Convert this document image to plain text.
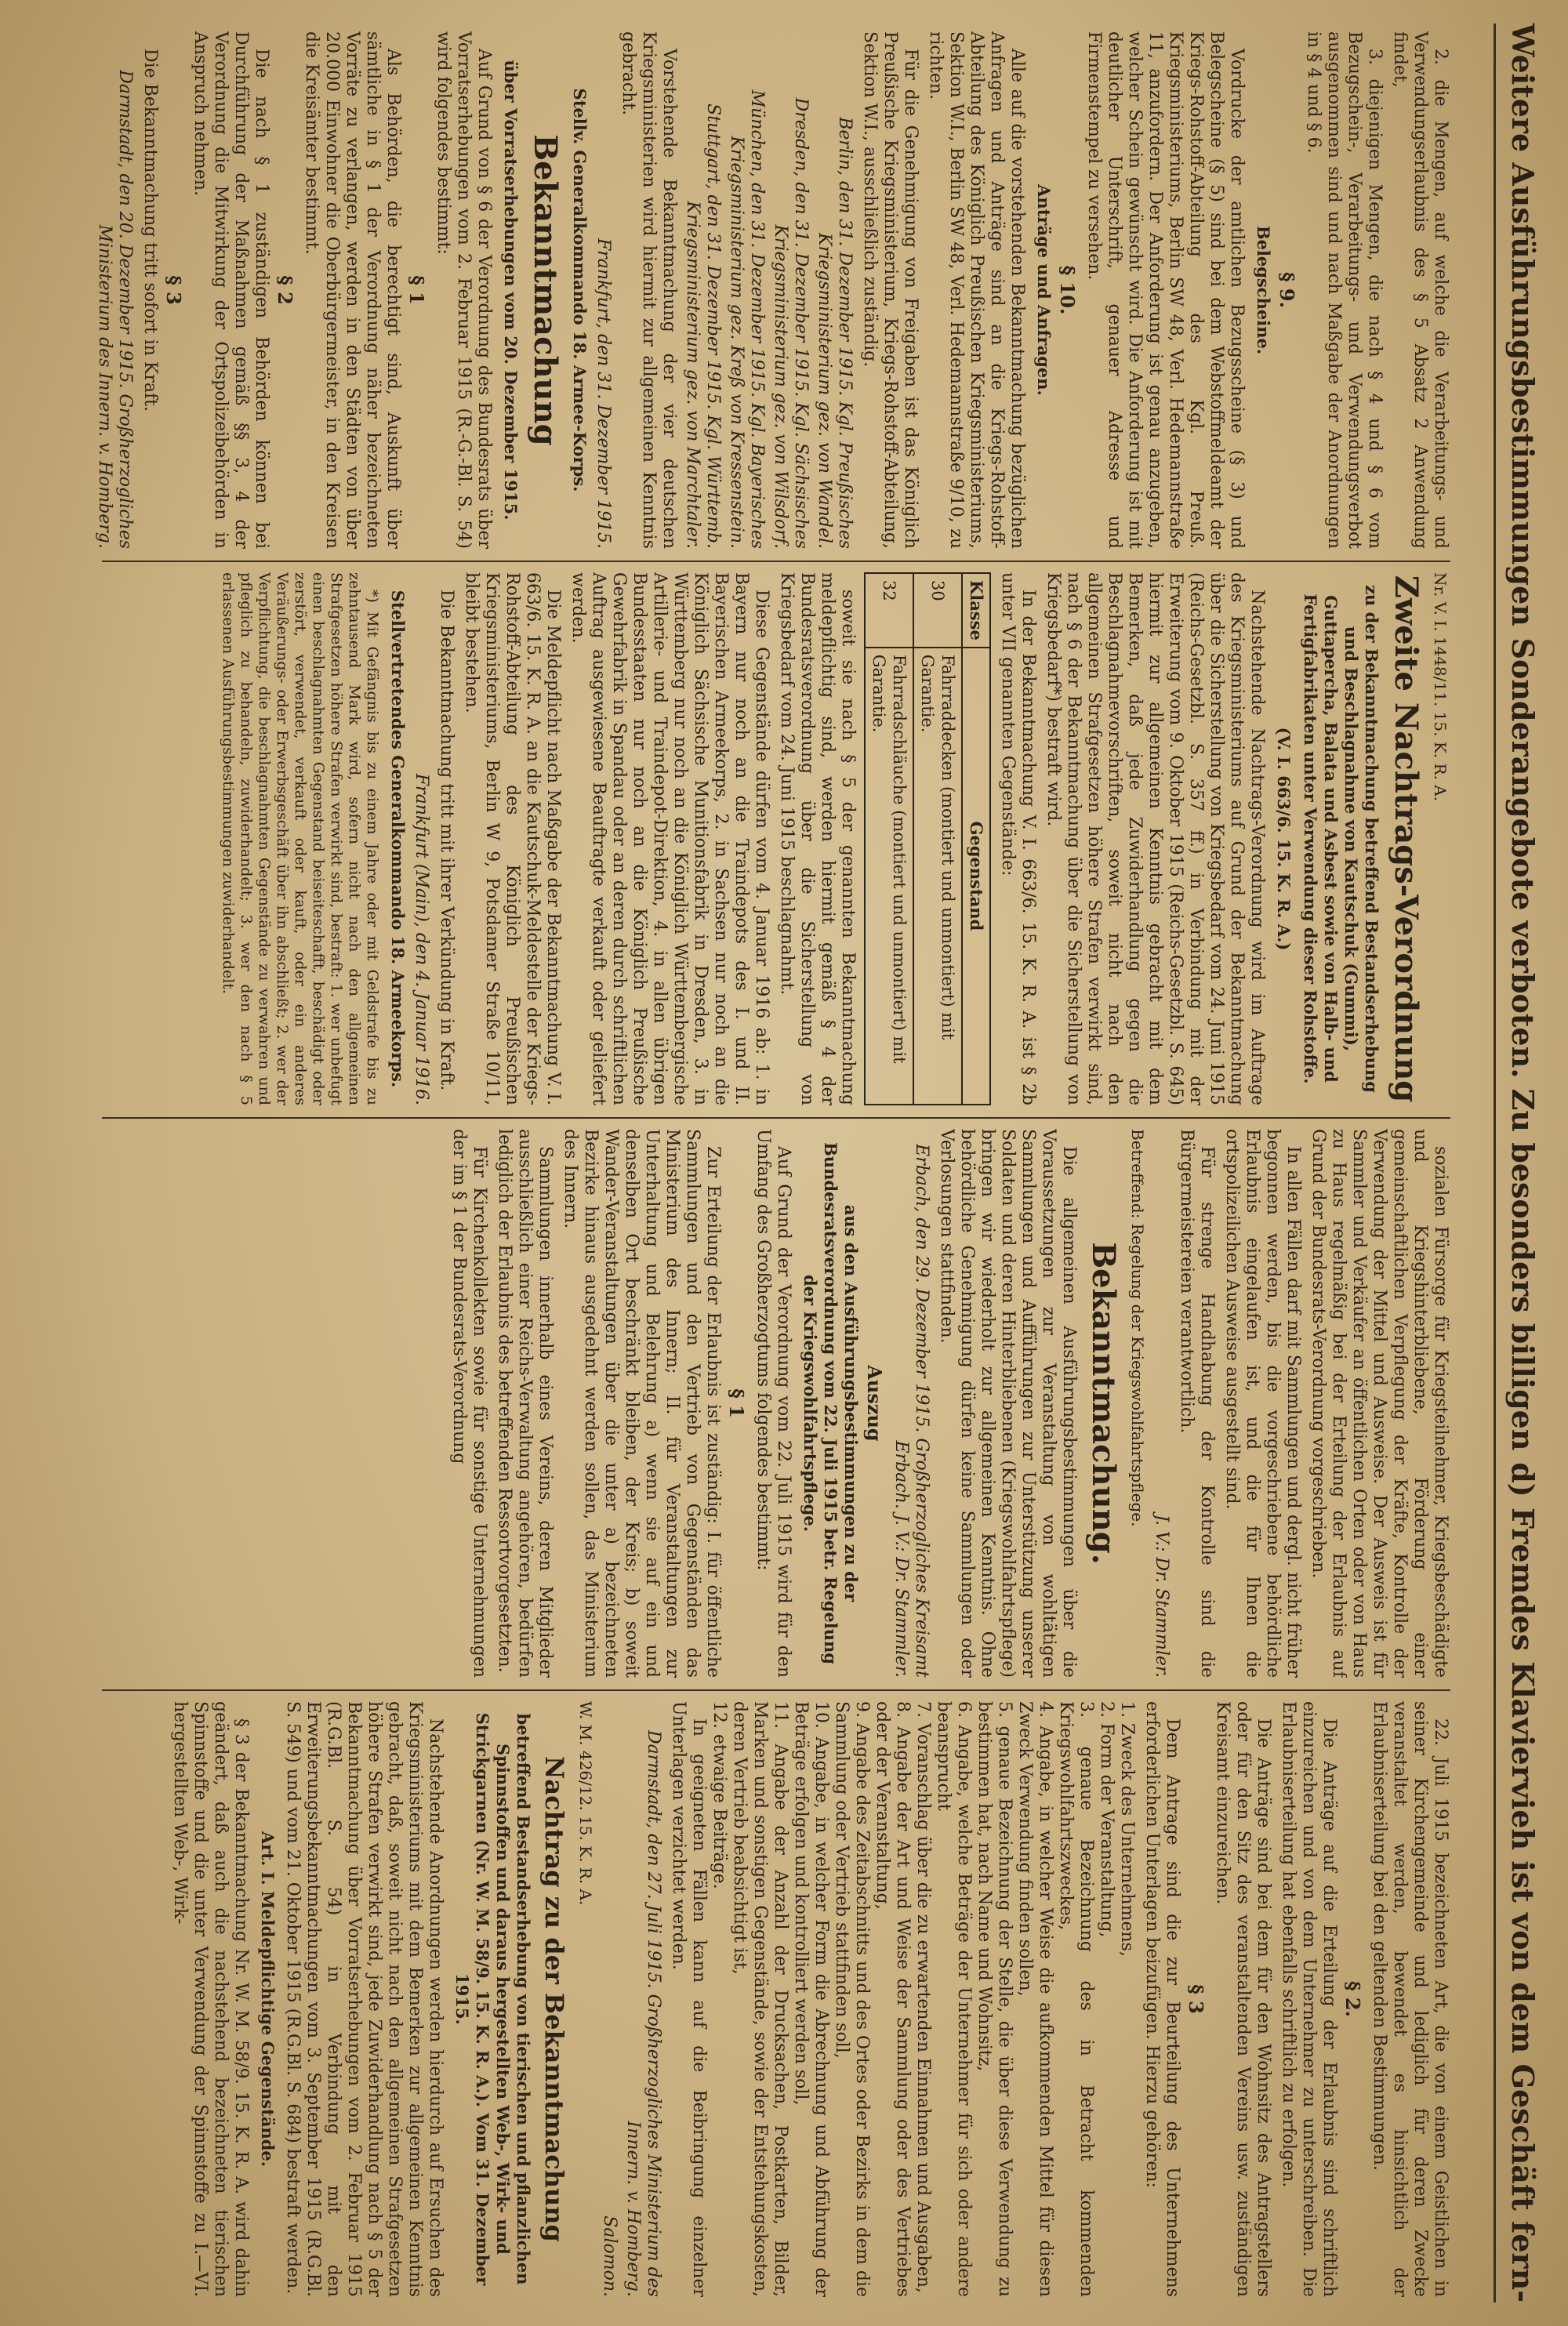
Weitere Ausführungsbestimmungen
Sonderangebote verboten. Zu besonders billigen
d) Fremdes Klaviervieh ist von dem Geschäft fern-

2. die Mengen, auf welche die Verarbeitungs- und Verwendungserlaubnis des § 5 Absatz 2 Anwendung findet,

3. diejenigen Mengen, die nach § 4 und § 6 vom Bezugschein-, Verarbeitungs- und Verwendungsverbot ausgenommen sind und nach Maßgabe der Anordnungen in § 4 und § 6.

§ 9.
Belegscheine.

Vordrucke der amtlichen Bezugsscheine (§ 3) und Belegscheine (§ 5) sind bei dem Webstoffmeldeamt der Kriegs-Rohstoff-Abteilung des Kgl. Preuß. Kriegsministeriums, Berlin SW 48, Verl. Hedemannstraße 11, anzufordern. Der Anforderung ist genau anzugeben, welcher Schein gewünscht wird. Die Anforderung ist mit deutlicher Unterschrift, genauer Adresse und Firmenstempel zu versehen.

§ 10.
Anträge und Anfragen.

Alle auf die vorstehenden Bekanntmachung bezüglichen Anfragen und Anträge sind an die Kriegs-Rohstoff-Abteilung des Königlich Preußischen Kriegsministeriums, Sektion W.I., Berlin SW 48, Verl. Hedemannstraße 9/10, zu richten.

Für die Genehmigung von Freigaben ist das Königlich Preußische Kriegsministerium, Kriegs-Rohstoff-Abteilung, Sektion W.I., ausschließlich zuständig.

Berlin, den 31. Dezember 1915. Kgl. Preußisches Kriegsministerium gez. von Wandel.
Dresden, den 31. Dezember 1915. Kgl. Sächsisches Kriegsministerium gez. von Wilsdorf.
München, den 31. Dezember 1915. Kgl. Bayerisches Kriegsministerium gez. Kreß von Kressenstein.
Stuttgart, den 31. Dezember 1915. Kgl. Württemb. Kriegsministerium gez. von Marchtaler.

Vorstehende Bekanntmachung der vier deutschen Kriegsministerien wird hiermit zur allgemeinen Kenntnis gebracht.

Frankfurt, den 31. Dezember 1915.
Stellv. Generalkommando 18. Armee-Korps.
Bekanntmachung
über Vorratserhebungen vom 20. Dezember 1915.

Auf Grund von § 6 der Verordnung des Bundesrats über Vorratserhebungen vom 2. Februar 1915 (R.-G.-Bl. S. 54) wird folgendes bestimmt:

§ 1

Als Behörden, die berechtigt sind, Auskunft über sämtliche in § 1 der Verordnung näher bezeichneten Vorräte zu verlangen, werden in den Städten von über 20.000 Einwohner die Oberbürgermeister, in den Kreisen die Kreisämter bestimmt.

§ 2

Die nach § 1 zuständigen Behörden können bei Durchführung der Maßnahmen gemäß §§ 3, 4 der Verordnung die Mitwirkung der Ortspolizeibehörden in Anspruch nehmen.

§ 3

Die Bekanntmachung tritt sofort in Kraft.

Darmstadt, den 20. Dezember 1915. Großherzogliches Ministerium des Innern. v. Homberg.
Nr. V. I. 1448/11. 15. K. R. A.
Zweite Nachtrags-Verordnung
zu der Bekanntmachung betreffend Bestandserhebung und Beschlagnahme von Kautschuk (Gummi), Guttapercha, Balata und Asbest sowie von Halb- und Fertigfabrikaten unter Verwendung dieser Rohstoffe.
(V. I. 663/6. 15. K. R. A.)

Nachstehende Nachtrags-Verordnung wird im Auftrage des Kriegsministeriums auf Grund der Bekanntmachung über die Sicherstellung von Kriegsbedarf vom 24. Juni 1915 (Reichs-Gesetzbl. S. 357 ff.) in Verbindung mit der Erweiterung vom 9. Oktober 1915 (Reichs-Gesetzbl. S. 645) hiermit zur allgemeinen Kenntnis gebracht mit dem Bemerken, daß jede Zuwiderhandlung gegen die Beschlagnahmevorschriften, soweit nicht nach den allgemeinen Strafgesetzen höhere Strafen verwirkt sind, nach § 6 der Bekanntmachung über die Sicherstellung von Kriegsbedarf*) bestraft wird.

In der Bekanntmachung V. I. 663/6. 15. K. R. A. ist § 2b unter VII genannten Gegenstände:

Klasse	Gegenstand
30	Fahrraddecken (montiert und unmontiert) mit Garantie.
32	Fahrradschläuche (montiert und unmontiert) mit Garantie.

soweit sie nach § 5 der genannten Bekanntmachung meldepflichtig sind, werden hiermit gemäß § 4 der Bundesratsverordnung über die Sicherstellung von Kriegsbedarf vom 24. Juni 1915 beschlagnahmt.

Diese Gegenstände dürfen vom 4. Januar 1916 ab: 1. in Bayern nur noch an die Traindepots des I. und II. Bayerischen Armeekorps, 2. in Sachsen nur noch an die Königlich Sächsische Munitionsfabrik in Dresden, 3. in Württemberg nur noch an die Königlich Württembergische Artillerie- und Traindepot-Direktion, 4. in allen übrigen Bundesstaaten nur noch an die Königlich Preußische Gewehrfabrik in Spandau oder an deren durch schriftlichen Auftrag ausgewiesene Beauftragte verkauft oder geliefert werden.

Die Meldepflicht nach Maßgabe der Bekanntmachung V. I. 663/6. 15. K. R. A. an die Kautschuk-Meldestelle der Kriegs-Rohstoff-Abteilung des Königlich Preußischen Kriegsministeriums, Berlin W 9, Potsdamer Straße 10/11, bleibt bestehen.

Die Bekanntmachung tritt mit ihrer Verkündung in Kraft.

Frankfurt (Main), den 4. Januar 1916.
Stellvertretendes Generalkommando 18. Armeekorps.

*) Mit Gefängnis bis zu einem Jahre oder mit Geldstrafe bis zu zehntausend Mark wird, sofern nicht nach den allgemeinen Strafgesetzen höhere Strafen verwirkt sind, bestraft: 1. wer unbefugt einen beschlagnahmten Gegenstand beiseiteschafft, beschädigt oder zerstört, verwendet, verkauft oder kauft, oder ein anderes Veräußerungs- oder Erwerbsgeschäft über ihn abschließt; 2. wer der Verpflichtung, die beschlagnahmten Gegenstände zu verwahren und pfleglich zu behandeln, zuwiderhandelt; 3. wer den nach § 5 erlassenen Ausführungsbestimmungen zuwiderhandelt.

sozialen Fürsorge für Kriegsteilnehmer, Kriegsbeschädigte und Kriegshinterbliebene, Förderung einer gemeinschaftlichen Verpflegung der Kräfte, Kontrolle der Verwendung der Mittel und Ausweise. Der Ausweis ist für Sammler und Verkäufer an öffentlichen Orten oder von Haus zu Haus regelmäßig bei der Erteilung der Erlaubnis auf Grund der Bundesrats-Verordnung vorgeschrieben.

In allen Fällen darf mit Sammlungen und dergl. nicht früher begonnen werden, bis die vorgeschriebene behördliche Erlaubnis eingelaufen ist, und die für Ihnen die ortspolizeilichen Ausweise ausgestellt sind.

Für strenge Handhabung der Kontrolle sind die Bürgermeistereien verantwortlich.

J. V.: Dr. Stammler.
Betreffend: Regelung der Kriegswohlfahrtspflege.
Bekanntmachung.

Die allgemeinen Ausführungsbestimmungen über die Voraussetzungen zur Veranstaltung von wohltätigen Sammlungen und Aufführungen zur Unterstützung unserer Soldaten und deren Hinterbliebenen (Kriegswohlfahrtspflege) bringen wir wiederholt zur allgemeinen Kenntnis. Ohne behördliche Genehmigung dürfen keine Sammlungen oder Verlosungen stattfinden.

Erbach, den 29. Dezember 1915. Großherzogliches Kreisamt Erbach. J. V.: Dr. Stammler.
Auszug
aus den Ausführungsbestimmungen zu der Bundesratsverordnung vom 22. Juli 1915 betr. Regelung der Kriegswohlfahrtspflege.

Auf Grund der Verordnung vom 22. Juli 1915 wird für den Umfang des Großherzogtums folgendes bestimmt:

§ 1

Zur Erteilung der Erlaubnis ist zuständig: I. für öffentliche Sammlungen und den Vertrieb von Gegenständen das Ministerium des Innern; II. für Veranstaltungen zur Unterhaltung und Belehrung a) wenn sie auf ein und denselben Ort beschränkt bleiben, der Kreis; b) soweit Wander-Veranstaltungen über die unter a) bezeichneten Bezirke hinaus ausgedehnt werden sollen, das Ministerium des Innern.

Sammlungen innerhalb eines Vereins, deren Mitglieder ausschließlich einer Reichs-Verwaltung angehören, bedürfen lediglich der Erlaubnis des betreffenden Ressortvorgesetzten.

Für Kirchenkollekten sowie für sonstige Unternehmungen der im § 1 der Bundesrats-Verordnung

22. Juli 1915 bezeichneten Art, die von einem Geistlichen in seiner Kirchengemeinde und lediglich für deren Zwecke veranstaltet werden, bewendet es hinsichtlich der Erlaubniserteilung bei den geltenden Bestimmungen.

§ 2.

Die Anträge auf die Erteilung der Erlaubnis sind schriftlich einzureichen und von dem Unternehmer zu unterschreiben. Die Erlaubniserteilung hat ebenfalls schriftlich zu erfolgen.

Die Anträge sind bei dem für den Wohnsitz des Antragstellers oder für den Sitz des veranstaltenden Vereins usw. zuständigen Kreisamt einzureichen.

§ 3

Dem Antrage sind die zur Beurteilung des Unternehmens erforderlichen Unterlagen beizufügen. Hierzu gehören:

1. Zweck des Unternehmens,
2. Form der Veranstaltung,
3. genaue Bezeichnung des in Betracht kommenden Kriegswohlfahrtszweckes,
4. Angabe, in welcher Weise die aufkommenden Mittel für diesen Zweck Verwendung finden sollen,
5. genaue Bezeichnung der Stelle, die über diese Verwendung zu bestimmen hat, nach Name und Wohnsitz,
6. Angabe, welche Beträge der Unternehmer für sich oder andere beansprucht
7. Voranschlag über die zu erwartenden Einnahmen und Ausgaben,
8. Angabe der Art und Weise der Sammlung oder des Vertriebes oder der Veranstaltung,
9. Angabe des Zeitabschnitts und des Ortes oder Bezirks in dem die Sammlung oder Vertrieb stattfinden soll,
10. Angabe, in welcher Form die Abrechnung und Abführung der Beträge erfolgen und kontrolliert werden soll,
11. Angabe der Anzahl der Drucksachen, Postkarten, Bilder, Marken und sonstigen Gegenstände, sowie der Entstehungskosten, deren Vertrieb beabsichtigt ist,
12. etwaige Beiträge.

In geeigneten Fällen kann auf die Beibringung einzelner Unterlagen verzichtet werden.

Darmstadt, den 27. Juli 1915. Großherzogliches Ministerium des Innern. v. Homberg.
Salomon.
W. M. 426/12. 15. K. R. A.
Nachtrag zu der Bekanntmachung
betreffend Bestandserhebung von tierischen und pflanzlichen Spinnstoffen und daraus hergestellten Web-, Wirk- und Strickgarnen (Nr. W. M. 58/9. 15. K. R. A.). Vom 31. Dezember 1915.

Nachstehende Anordnungen werden hierdurch auf Ersuchen des Kriegsministeriums mit dem Bemerken zur allgemeinen Kenntnis gebracht, daß, soweit nicht nach den allgemeinen Strafgesetzen höhere Strafen verwirkt sind, jede Zuwiderhandlung nach § 5 der Bekanntmachung über Vorratserhebungen vom 2. Februar 1915 (R.G.Bl. S. 54) in Verbindung mit den Erweiterungsbekanntmachungen vom 3. September 1915 (R.G.Bl. S. 549) und vom 21. Oktober 1915 (R.G.Bl. S. 684) bestraft werden.

Art. I. Meldepflichtige Gegenstände.

§ 3 der Bekanntmachung Nr. W. M. 58/9. 15. K. R. A. wird dahin geändert, daß auch die nachstehend bezeichneten tierischen Spinnstoffe und die unter Verwendung der Spinnstoffe zu I.—VI. hergestellten Web-, Wirk-
